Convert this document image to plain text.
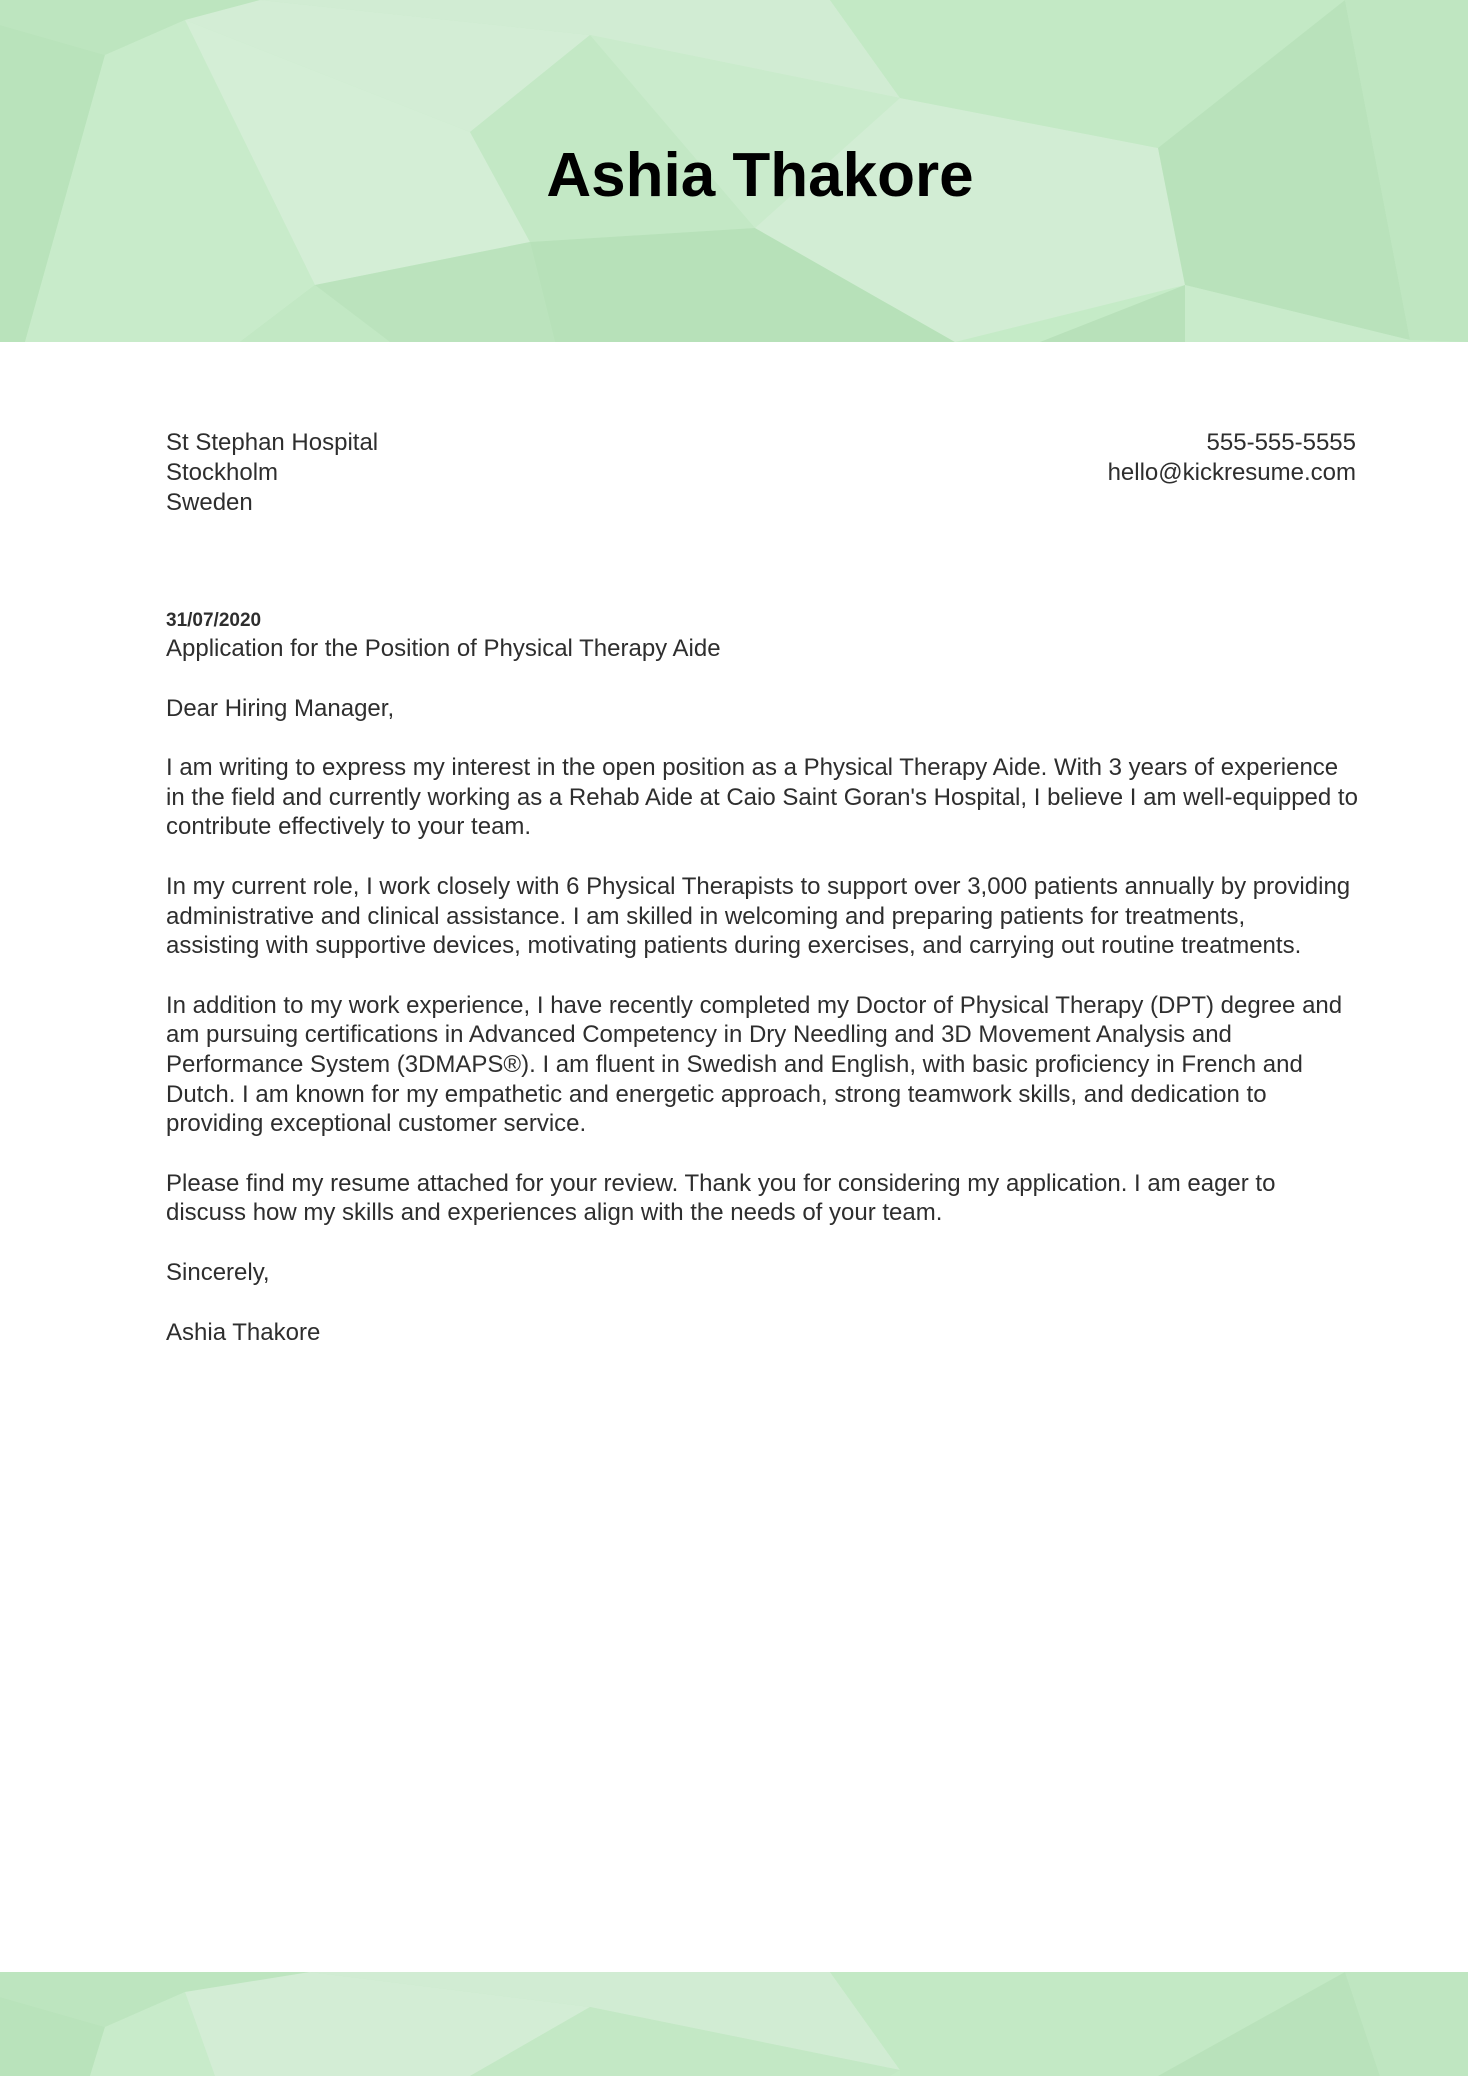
Ashia Thakore
St Stephan Hospital
Stockholm
Sweden
555-555-5555
hello@kickresume.com
31/07/2020
Application for the Position of Physical Therapy Aide

Dear Hiring Manager,

I am writing to express my interest in the open position as a Physical Therapy Aide. With 3 years of experience
in the field and currently working as a Rehab Aide at Caio Saint Goran's Hospital, I believe I am well-equipped to
contribute effectively to your team.

In my current role, I work closely with 6 Physical Therapists to support over 3,000 patients annually by providing
administrative and clinical assistance. I am skilled in welcoming and preparing patients for treatments,
assisting with supportive devices, motivating patients during exercises, and carrying out routine treatments.

In addition to my work experience, I have recently completed my Doctor of Physical Therapy (DPT) degree and
am pursuing certifications in Advanced Competency in Dry Needling and 3D Movement Analysis and
Performance System (3DMAPS®). I am fluent in Swedish and English, with basic proficiency in French and
Dutch. I am known for my empathetic and energetic approach, strong teamwork skills, and dedication to
providing exceptional customer service.

Please find my resume attached for your review. Thank you for considering my application. I am eager to
discuss how my skills and experiences align with the needs of your team.

Sincerely,

Ashia Thakore
